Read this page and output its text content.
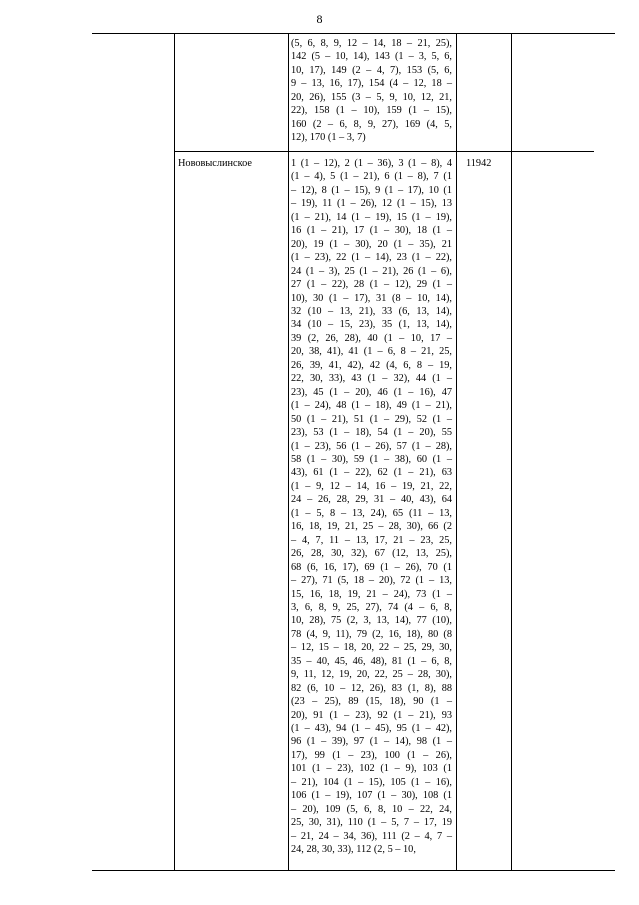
8
(5, 6, 8, 9, 12 – 14, 18 – 21, 25),
142 (5 – 10, 14), 143 (1 – 3, 5, 6,
10, 17), 149 (2 – 4, 7), 153 (5, 6,
9 – 13, 16, 17), 154 (4 – 12, 18 –
20, 26), 155 (3 – 5, 9, 10, 12, 21,
22), 158 (1 – 10), 159 (1 – 15),
160 (2 – 6, 8, 9, 27), 169 (4, 5,
12), 170 (1 – 3, 7)
Нововыслинское	1 (1 – 12), 2 (1 – 36), 3 (1 – 8), 4
(1 – 4), 5 (1 – 21), 6 (1 – 8), 7 (1
– 12), 8 (1 – 15), 9 (1 – 17), 10 (1
– 19), 11 (1 – 26), 12 (1 – 15), 13
(1 – 21), 14 (1 – 19), 15 (1 – 19),
16 (1 – 21), 17 (1 – 30), 18 (1 –
20), 19 (1 – 30), 20 (1 – 35), 21
(1 – 23), 22 (1 – 14), 23 (1 – 22),
24 (1 – 3), 25 (1 – 21), 26 (1 – 6),
27 (1 – 22), 28 (1 – 12), 29 (1 –
10), 30 (1 – 17), 31 (8 – 10, 14),
32 (10 – 13, 21), 33 (6, 13, 14),
34 (10 – 15, 23), 35 (1, 13, 14),
39 (2, 26, 28), 40 (1 – 10, 17 –
20, 38, 41), 41 (1 – 6, 8 – 21, 25,
26, 39, 41, 42), 42 (4, 6, 8 – 19,
22, 30, 33), 43 (1 – 32), 44 (1 –
23), 45 (1 – 20), 46 (1 – 16), 47
(1 – 24), 48 (1 – 18), 49 (1 – 21),
50 (1 – 21), 51 (1 – 29), 52 (1 –
23), 53 (1 – 18), 54 (1 – 20), 55
(1 – 23), 56 (1 – 26), 57 (1 – 28),
58 (1 – 30), 59 (1 – 38), 60 (1 –
43), 61 (1 – 22), 62 (1 – 21), 63
(1 – 9, 12 – 14, 16 – 19, 21, 22,
24 – 26, 28, 29, 31 – 40, 43), 64
(1 – 5, 8 – 13, 24), 65 (11 – 13,
16, 18, 19, 21, 25 – 28, 30), 66 (2
– 4, 7, 11 – 13, 17, 21 – 23, 25,
26, 28, 30, 32), 67 (12, 13, 25),
68 (6, 16, 17), 69 (1 – 26), 70 (1
– 27), 71 (5, 18 – 20), 72 (1 – 13,
15, 16, 18, 19, 21 – 24), 73 (1 –
3, 6, 8, 9, 25, 27), 74 (4 – 6, 8,
10, 28), 75 (2, 3, 13, 14), 77 (10),
78 (4, 9, 11), 79 (2, 16, 18), 80 (8
– 12, 15 – 18, 20, 22 – 25, 29, 30,
35 – 40, 45, 46, 48), 81 (1 – 6, 8,
9, 11, 12, 19, 20, 22, 25 – 28, 30),
82 (6, 10 – 12, 26), 83 (1, 8), 88
(23 – 25), 89 (15, 18), 90 (1 –
20), 91 (1 – 23), 92 (1 – 21), 93
(1 – 43), 94 (1 – 45), 95 (1 – 42),
96 (1 – 39), 97 (1 – 14), 98 (1 –
17), 99 (1 – 23), 100 (1 – 26),
101 (1 – 23), 102 (1 – 9), 103 (1
– 21), 104 (1 – 15), 105 (1 – 16),
106 (1 – 19), 107 (1 – 30), 108 (1
– 20), 109 (5, 6, 8, 10 – 22, 24,
25, 30, 31), 110 (1 – 5, 7 – 17, 19
– 21, 24 – 34, 36), 111 (2 – 4, 7 –
24, 28, 30, 33), 112 (2, 5 – 10,
11942
